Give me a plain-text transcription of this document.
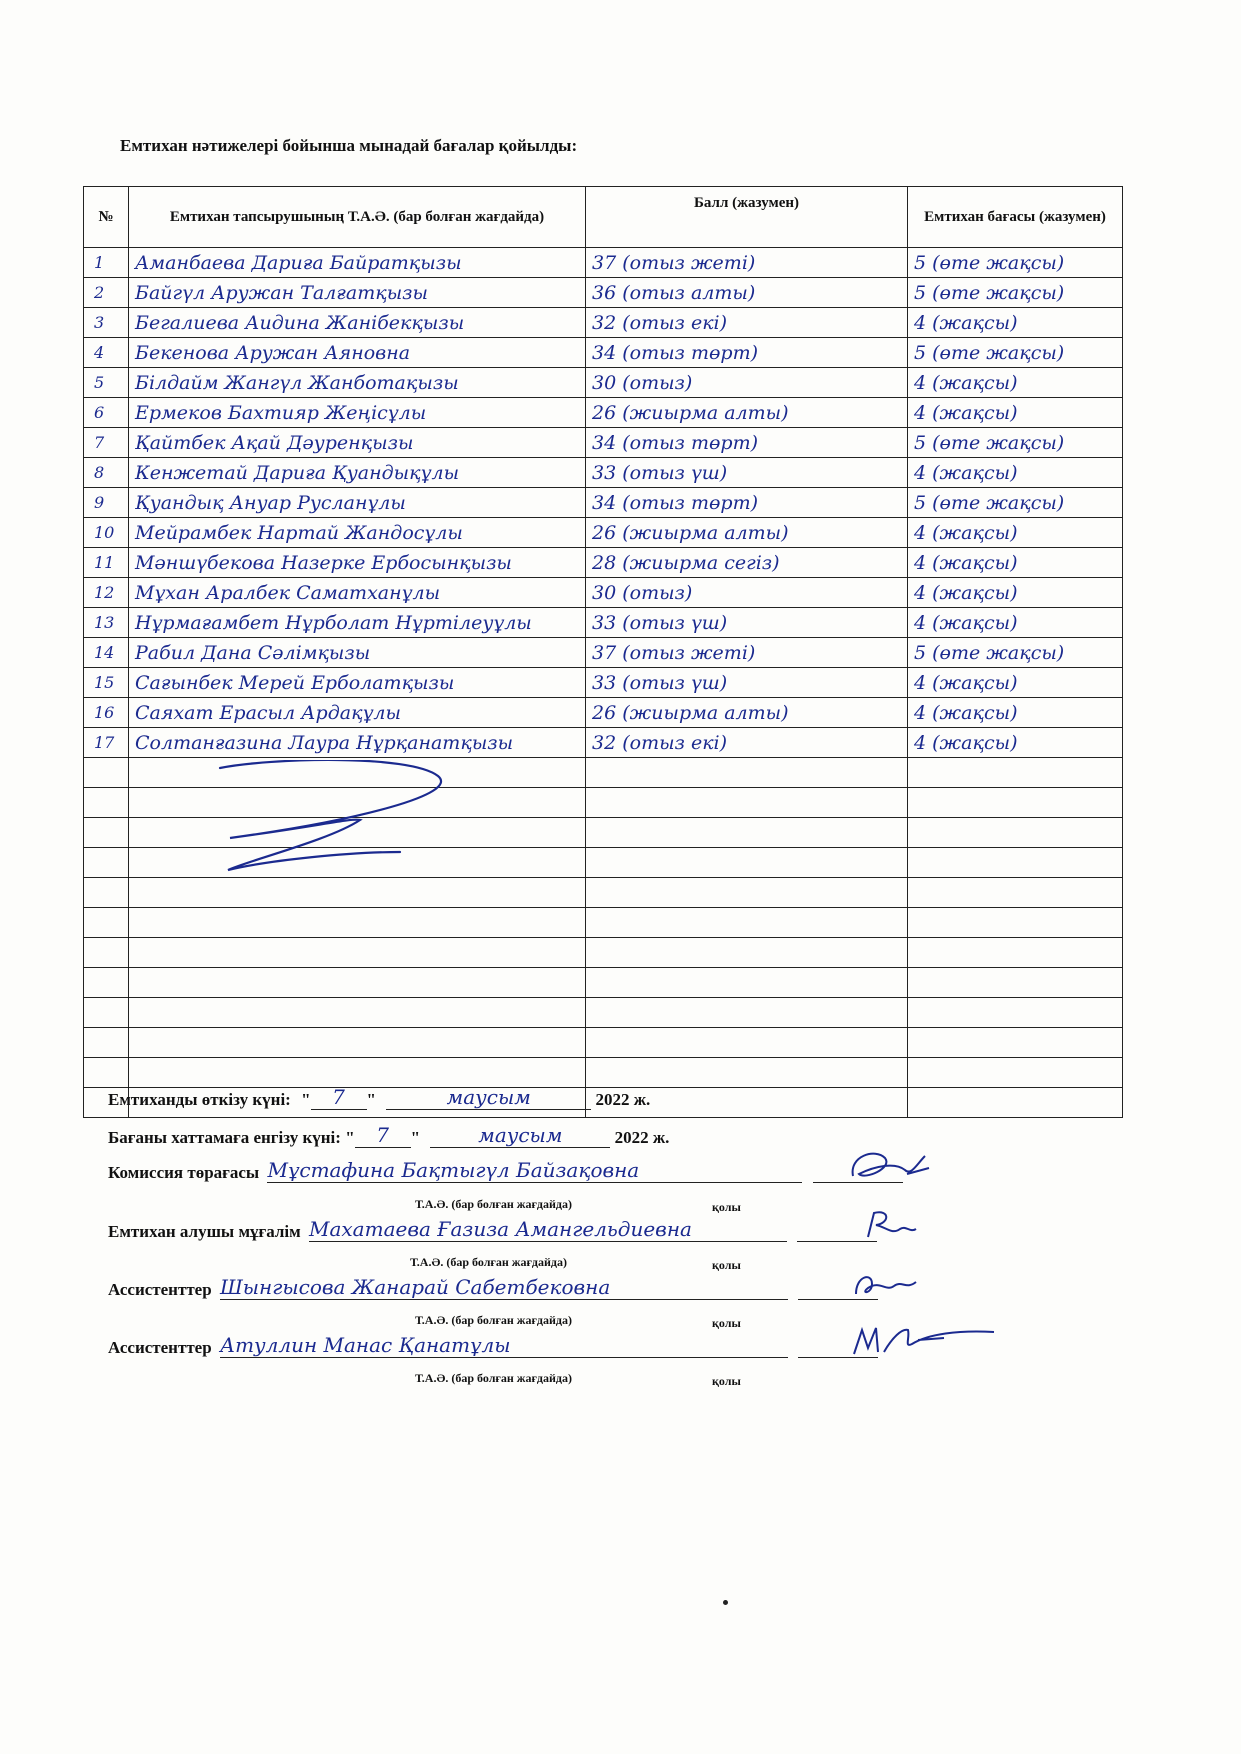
Емтихан нәтижелері бойынша мынадай бағалар қойылды:
№	Емтихан тапсырушының Т.А.Ә. (бар болған жағдайда)	Балл (жазумен)	Емтихан бағасы (жазумен)
1	Аманбаева Дариға Байратқызы	37 (отыз жеті)	5 (өте жақсы)
2	Байгүл Аружан Талғатқызы	36 (отыз алты)	5 (өте жақсы)
3	Бегалиева Аидина Жанібекқызы	32 (отыз екі)	4 (жақсы)
4	Бекенова Аружан Аяновна	34 (отыз төрт)	5 (өте жақсы)
5	Білдайм Жангүл Жанботақызы	30 (отыз)	4 (жақсы)
6	Ермеков Бахтияр Жеңісұлы	26 (жиырма алты)	4 (жақсы)
7	Қайтбек Ақай Дәуренқызы	34 (отыз төрт)	5 (өте жақсы)
8	Кенжетай Дариға Қуандықұлы	33 (отыз үш)	4 (жақсы)
9	Қуандық Ануар Русланұлы	34 (отыз төрт)	5 (өте жақсы)
10	Мейрамбек Нартай Жандосұлы	26 (жиырма алты)	4 (жақсы)
11	Мәншүбекова Назерке Ербосынқызы	28 (жиырма сегіз)	4 (жақсы)
12	Мұхан Аралбек Саматханұлы	30 (отыз)	4 (жақсы)
13	Нұрмағамбет Нұрболат Нұртілеуұлы	33 (отыз үш)	4 (жақсы)
14	Рабил Дана Сәлімқызы	37 (отыз жеті)	5 (өте жақсы)
15	Сағынбек Мерей Ерболатқызы	33 (отыз үш)	4 (жақсы)
16	Саяхат Ерасыл Ардақұлы	26 (жиырма алты)	4 (жақсы)
17	Солтанғазина Лаура Нұрқанатқызы	32 (отыз екі)	4 (жақсы)

Емтиханды өткізу күні: " 7 "	маусым	2022 ж.
Бағаны хаттамаға енгізу күні: " 7 "	маусым	2022 ж.
Комиссия төрағасы Мұстафина Бақтыгүл Байзақовна
Т.А.Ә. (бар болған жағдайда)	қолы
Емтихан алушы мұғалім Махатаева Ғазиза Амангельдиевна
Т.А.Ә. (бар болған жағдайда)	қолы
Ассистенттер Шынгысова Жанарай Сабетбековна
Т.А.Ә. (бар болған жағдайда)	қолы
Ассистенттер Атуллин Манас Қанатұлы
Т.А.Ә. (бар болған жағдайда)	қолы
